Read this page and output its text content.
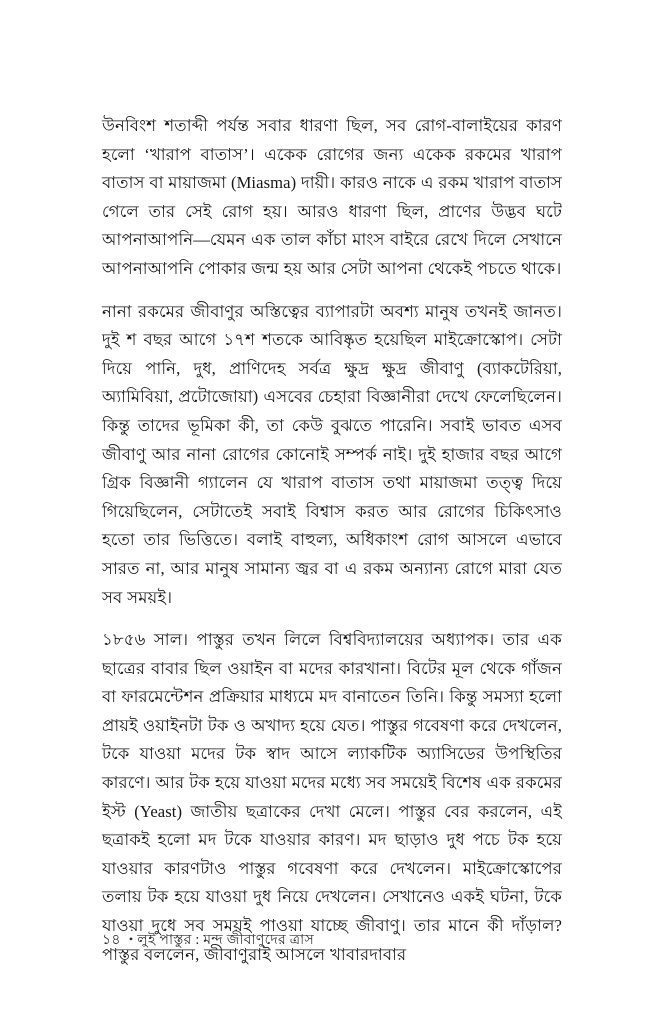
উনবিংশ শতাব্দী পর্যন্ত সবার ধারণা ছিল, সব রোগ-বালাইয়ের কারণ হলো ‘খারাপ বাতাস’। একেক রোগের জন্য একেক রকমের খারাপ বাতাস বা মায়াজমা (Miasma) দায়ী। কারও নাকে এ রকম খারাপ বাতাস গেলে তার সেই রোগ হয়। আরও ধারণা ছিল, প্রাণের উদ্ভব ঘটে আপনাআপনি—যেমন এক তাল কাঁচা মাংস বাইরে রেখে দিলে সেখানে আপনাআপনি পোকার জন্ম হয় আর সেটা আপনা থেকেই পচতে থাকে।

নানা রকমের জীবাণুর অস্তিত্বের ব্যাপারটা অবশ্য মানুষ তখনই জানত। দুই শ বছর আগে ১৭শ শতকে আবিষ্কৃত হয়েছিল মাইক্রোস্কোপ। সেটা দিয়ে পানি, দুধ, প্রাণিদেহ সর্বত্র ক্ষুদ্র ক্ষুদ্র জীবাণু (ব্যাকটেরিয়া, অ্যামিবিয়া, প্রটোজোয়া) এসবের চেহারা বিজ্ঞানীরা দেখে ফেলেছিলেন। কিন্তু তাদের ভূমিকা কী, তা কেউ বুঝতে পারেনি। সবাই ভাবত এসব জীবাণু আর নানা রোগের কোনোই সম্পর্ক নাই। দুই হাজার বছর আগে গ্রিক বিজ্ঞানী গ্যালেন যে খারাপ বাতাস তথা মায়াজমা তত্ত্ব দিয়ে গিয়েছিলেন, সেটাতেই সবাই বিশ্বাস করত আর রোগের চিকিৎসাও হতো তার ভিত্তিতে। বলাই বাহুল্য, অধিকাংশ রোগ আসলে এভাবে সারত না, আর মানুষ সামান্য জ্বর বা এ রকম অন্যান্য রোগে মারা যেত সব সময়ই।

১৮৫৬ সাল। পাস্তুর তখন লিলে বিশ্ববিদ্যালয়ের অধ্যাপক। তার এক ছাত্রের বাবার ছিল ওয়াইন বা মদের কারখানা। বিটের মূল থেকে গাঁজন বা ফারমেন্টেশন প্রক্রিয়ার মাধ্যমে মদ বানাতেন তিনি। কিন্তু সমস্যা হলো প্রায়ই ওয়াইনটা টক ও অখাদ্য হয়ে যেত। পাস্তুর গবেষণা করে দেখলেন, টকে যাওয়া মদের টক স্বাদ আসে ল্যাকটিক অ্যাসিডের উপস্থিতির কারণে। আর টক হয়ে যাওয়া মদের মধ্যে সব সময়েই বিশেষ এক রকমের ইস্ট (Yeast) জাতীয় ছত্রাকের দেখা মেলে। পাস্তুর বের করলেন, এই ছত্রাকই হলো মদ টকে যাওয়ার কারণ। মদ ছাড়াও দুধ পচে টক হয়ে যাওয়ার কারণটাও পাস্তুর গবেষণা করে দেখলেন। মাইক্রোস্কোপের তলায় টক হয়ে যাওয়া দুধ নিয়ে দেখলেন। সেখানেও একই ঘটনা, টকে যাওয়া দুধে সব সময়ই পাওয়া যাচ্ছে জীবাণু। তার মানে কী দাঁড়াল? পাস্তুর বললেন, জীবাণুরাই আসলে খাবারদাবার

১৪ • লুই পাস্তুর : মন্দ জীবাণুদের ত্রাস
